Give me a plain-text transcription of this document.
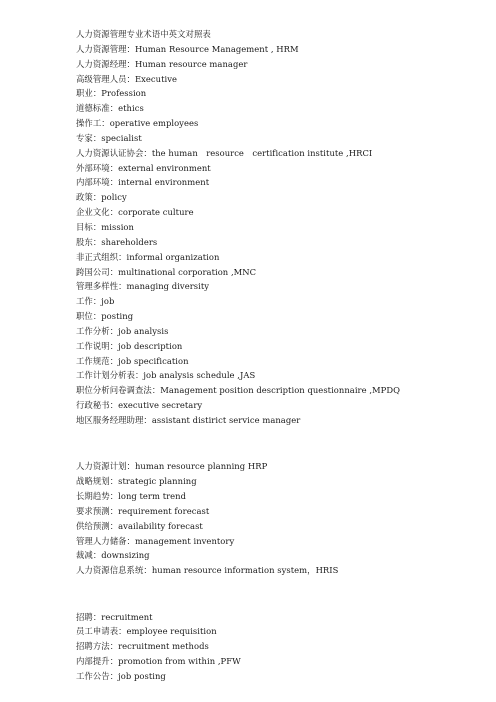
人力资源管理专业术语中英文对照表
人力资源管理：Human Resource Management , HRM
人力资源经理：Human resource manager
高级管理人员：Executive
职业：Profession
道德标准：ethics
操作工：operative employees
专家：specialist
人力资源认证协会：the human　resource　certification institute ,HRCI
外部环境：external environment
内部环境：internal environment
政策：policy
企业文化：corporate culture
目标：mission
股东：shareholders
非正式组织：informal organization
跨国公司：multinational corporation ,MNC
管理多样性：managing diversity
工作：job
职位：posting
工作分析：job analysis
工作说明：job description
工作规范：job specification
工作计划分析表：job analysis schedule ,JAS
职位分析问卷调查法：Management position description questionnaire ,MPDQ
行政秘书：executive secretary
地区服务经理助理：assistant distirict service manager
人力资源计划：human resource planning HRP
战略规划：strategic planning
长期趋势：long term trend
要求预测：requirement forecast
供给预测：availability forecast
管理人力储备：management inventory
裁减：downsizing
人力资源信息系统：human resource information system，HRIS
招聘：recruitment
员工申请表：employee requisition
招聘方法：recruitment methods
内部提升：promotion from within ,PFW
工作公告：job posting
